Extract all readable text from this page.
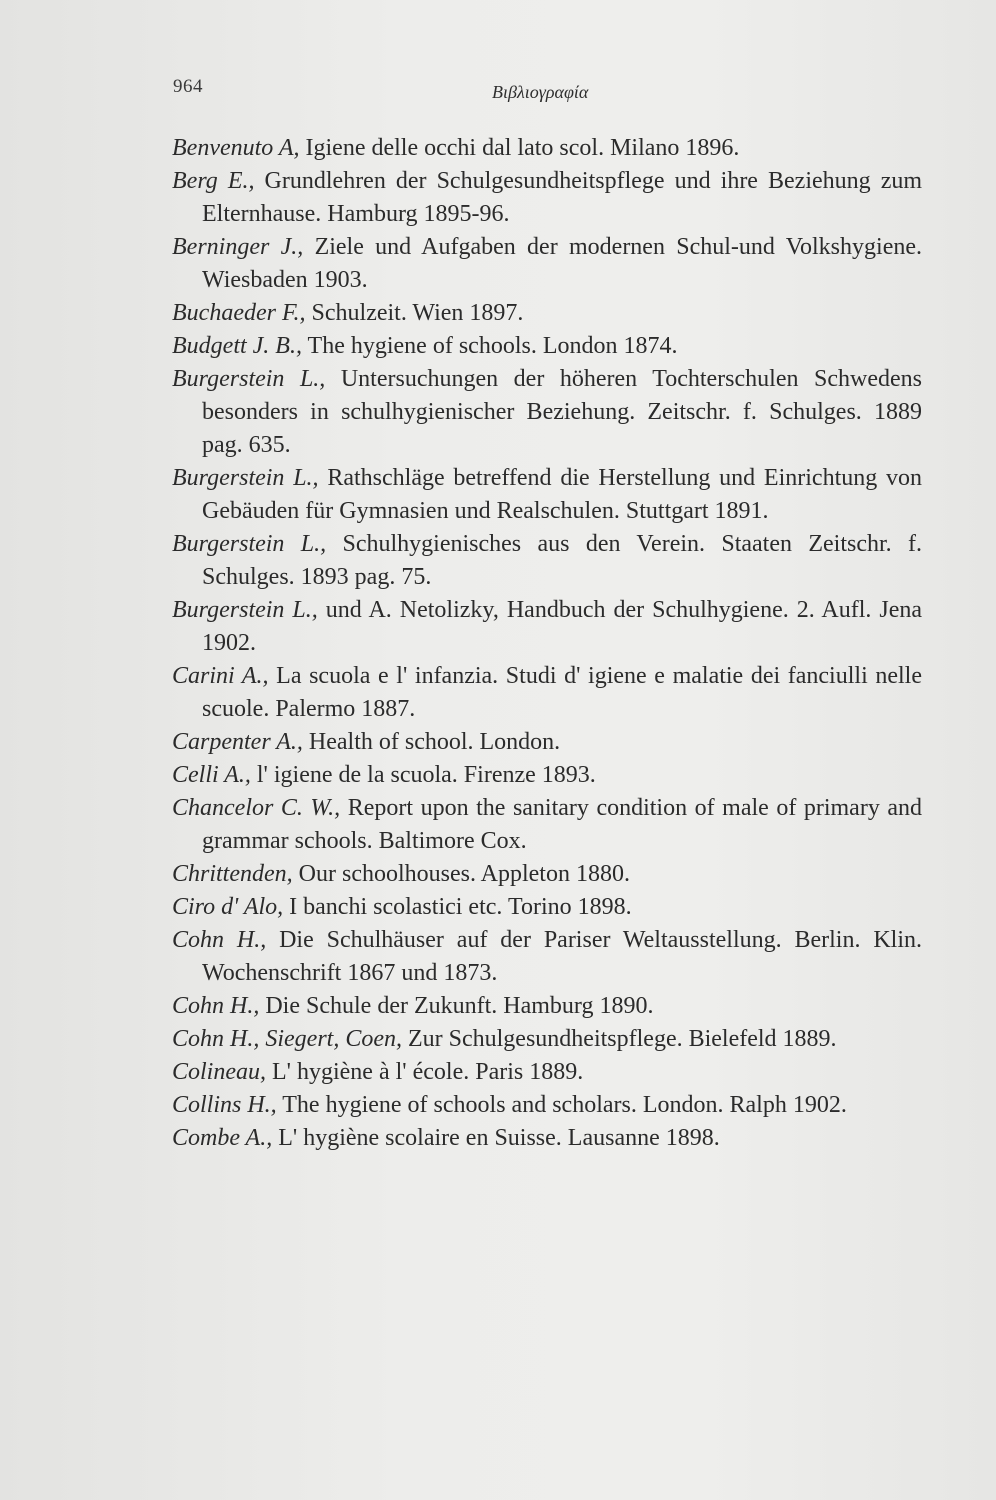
964	Βιβλιογραφία

Benvenuto A, Igiene delle occhi dal lato scol. Milano 1896.

Berg E., Grundlehren der Schulgesundheitspflege und ihre Beziehung zum Elternhause. Hamburg 1895-96.

Berninger J., Ziele und Aufgaben der modernen Schul-und Volkshygiene. Wiesbaden 1903.

Buchaeder F., Schulzeit. Wien 1897.

Budgett J. B., The hygiene of schools. London 1874.

Burgerstein L., Untersuchungen der höheren Tochterschulen Schwedens besonders in schulhygienischer Beziehung. Zeitschr. f. Schulges. 1889 pag. 635.

Burgerstein L., Rathschläge betreffend die Herstellung und Einrichtung von Gebäuden für Gymnasien und Realschulen. Stuttgart 1891.

Burgerstein L., Schulhygienisches aus den Verein. Staaten Zeitschr. f. Schulges. 1893 pag. 75.

Burgerstein L., und A. Netolizky, Handbuch der Schulhygiene. 2. Aufl. Jena 1902.

Carini A., La scuola e l' infanzia. Studi d' igiene e malatie dei fanciulli nelle scuole. Palermo 1887.

Carpenter A., Health of school. London.

Celli A., l' igiene de la scuola. Firenze 1893.

Chancelor C. W., Report upon the sanitary condition of male of primary and grammar schools. Baltimore Cox.

Chrittenden, Our schoolhouses. Appleton 1880.

Ciro d' Alo, I banchi scolastici etc. Torino 1898.

Cohn H., Die Schulhäuser auf der Pariser Weltausstellung. Berlin. Klin. Wochenschrift 1867 und 1873.

Cohn H., Die Schule der Zukunft. Hamburg 1890.

Cohn H., Siegert, Coen, Zur Schulgesundheitspflege. Bielefeld 1889.

Colineau, L' hygiène à l' école. Paris 1889.

Collins H., The hygiene of schools and scholars. London. Ralph 1902.

Combe A., L' hygiène scolaire en Suisse. Lausanne 1898.
